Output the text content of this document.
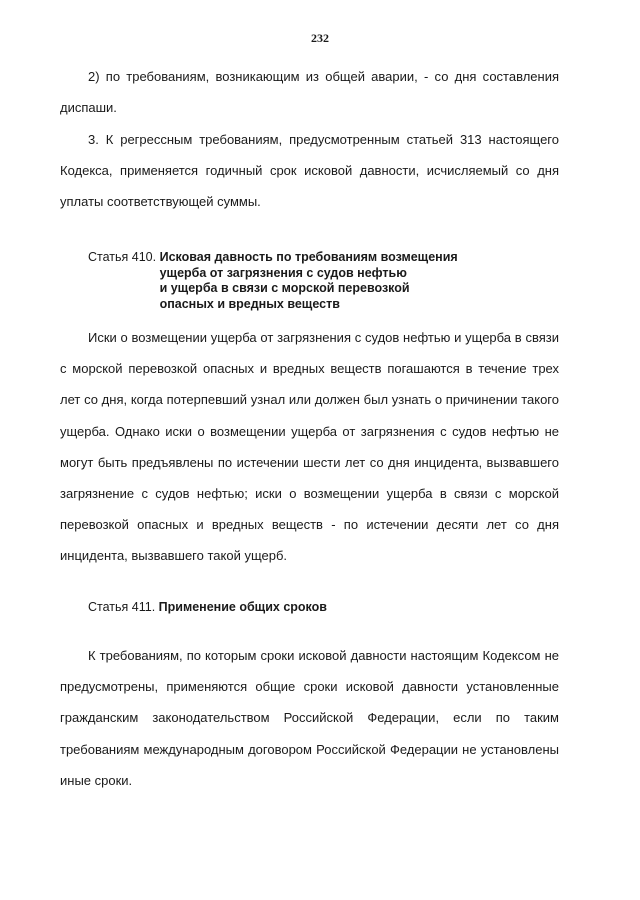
232

2) по требованиям, возникающим из общей аварии, - со дня составления диспаши.

3. К регрессным требованиям, предусмотренным статьей 313 настоящего Кодекса, применяется годичный срок исковой давности, исчисляемый со дня уплаты соответствующей суммы.

Статья 410. Исковая давность по требованиям возмещения
ущерба от загрязнения с судов нефтью
и ущерба в связи с морской перевозкой
опасных и вредных веществ

Иски о возмещении ущерба от загрязнения с судов нефтью и ущерба в связи с морской перевозкой опасных и вредных веществ погашаются в течение трех лет со дня, когда потерпевший узнал или должен был узнать о причинении такого ущерба. Однако иски о возмещении ущерба от загрязнения с судов нефтью не могут быть предъявлены по истечении шести лет со дня инцидента, вызвавшего загрязнение с судов нефтью; иски о возмещении ущерба в связи с морской перевозкой опасных и вредных веществ - по истечении десяти лет со дня инцидента, вызвавшего такой ущерб.

Статья 411. Применение общих сроков

К требованиям, по которым сроки исковой давности настоящим Кодексом не предусмотрены, применяются общие сроки исковой давности установленные гражданским законодательством Российской Федерации, если по таким требованиям международным договором Российской Федерации не установлены иные сроки.
